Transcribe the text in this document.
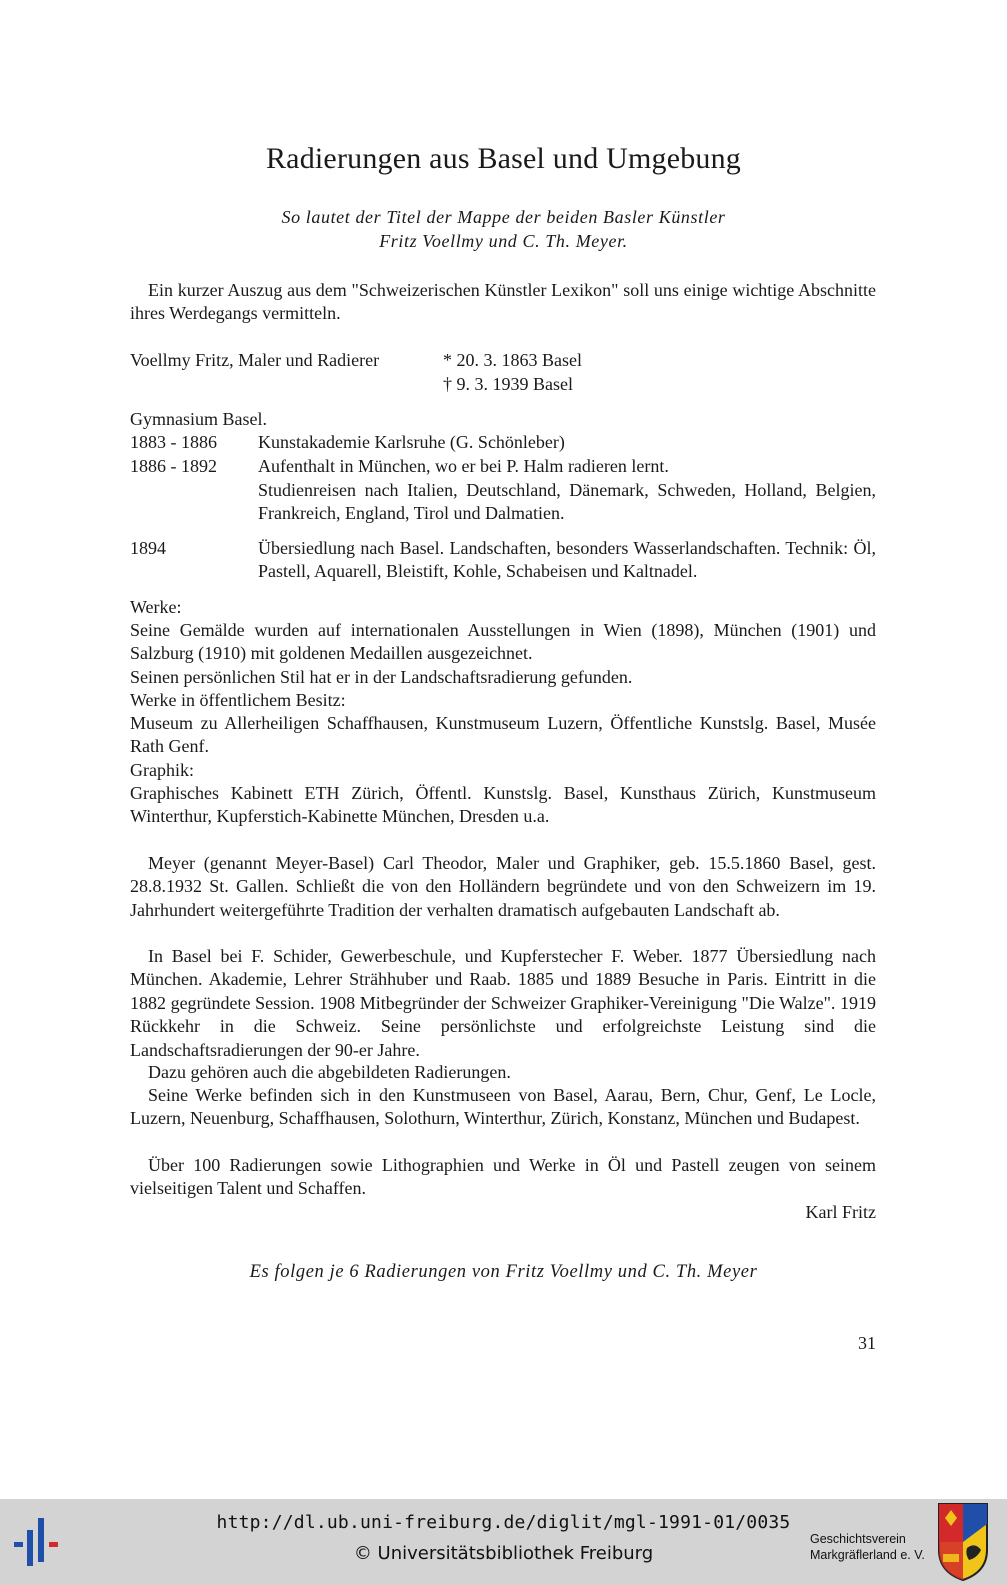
Radierungen aus Basel und Umgebung
So lautet der Titel der Mappe der beiden Basler Künstler
Fritz Voellmy und C. Th. Meyer.

Ein kurzer Auszug aus dem "Schweizerischen Künstler Lexikon" soll uns einige wichtige Abschnitte ihres Werdegangs vermitteln.

Voellmy Fritz, Maler und Radierer	* 20. 3. 1863 Basel
† 9. 3. 1939 Basel
Gymnasium Basel.
1883 - 1886 Kunstakademie Karlsruhe (G. Schönleber)

1886 - 1892 Aufenthalt in München, wo er bei P. Halm radieren lernt.

Studienreisen nach Italien, Deutschland, Dänemark, Schweden, Holland, Belgien, Frankreich, England, Tirol und Dalmatien.

1894	Übersiedlung nach Basel. Landschaften, besonders Wasserlandschaften. Technik: Öl, Pastell, Aquarell, Bleistift, Kohle, Schabeisen und Kaltnadel.

Werke:

Seine Gemälde wurden auf internationalen Ausstellungen in Wien (1898), München (1901) und Salzburg (1910) mit goldenen Medaillen ausgezeichnet.

Seinen persönlichen Stil hat er in der Landschaftsradierung gefunden.
Werke in öffentlichem Besitz:

Museum zu Allerheiligen Schaffhausen, Kunstmuseum Luzern, Öffentliche Kunstslg. Basel, Musée Rath Genf.

Graphik:

Graphisches Kabinett ETH Zürich, Öffentl. Kunstslg. Basel, Kunsthaus Zürich, Kunstmuseum Winterthur, Kupferstich-Kabinette München, Dresden u.a.

Meyer (genannt Meyer-Basel) Carl Theodor, Maler und Graphiker, geb. 15.5.1860 Basel, gest. 28.8.1932 St. Gallen. Schließt die von den Holländern begründete und von den Schweizern im 19. Jahrhundert weitergeführte Tradition der verhalten dramatisch aufgebauten Landschaft ab.

In Basel bei F. Schider, Gewerbeschule, und Kupferstecher F. Weber. 1877 Übersiedlung nach München. Akademie, Lehrer Strähhuber und Raab. 1885 und 1889 Besuche in Paris. Eintritt in die 1882 gegründete Session. 1908 Mitbegründer der Schweizer Graphiker-Vereinigung "Die Walze". 1919 Rückkehr in die Schweiz. Seine persönlichste und erfolgreichste Leistung sind die Landschaftsradierungen der 90-er Jahre.

Dazu gehören auch die abgebildeten Radierungen.

Seine Werke befinden sich in den Kunstmuseen von Basel, Aarau, Bern, Chur, Genf, Le Locle, Luzern, Neuenburg, Schaffhausen, Solothurn, Winterthur, Zürich, Konstanz, München und Budapest.

Über 100 Radierungen sowie Lithographien und Werke in Öl und Pastell zeugen von seinem vielseitigen Talent und Schaffen.

Karl Fritz
Es folgen je 6 Radierungen von Fritz Voellmy und C. Th. Meyer
31
http://dl.ub.uni-freiburg.de/diglit/mgl-1991-01/0035
© Universitätsbibliothek Freiburg
Geschichtsverein
Markgräflerland e. V.
